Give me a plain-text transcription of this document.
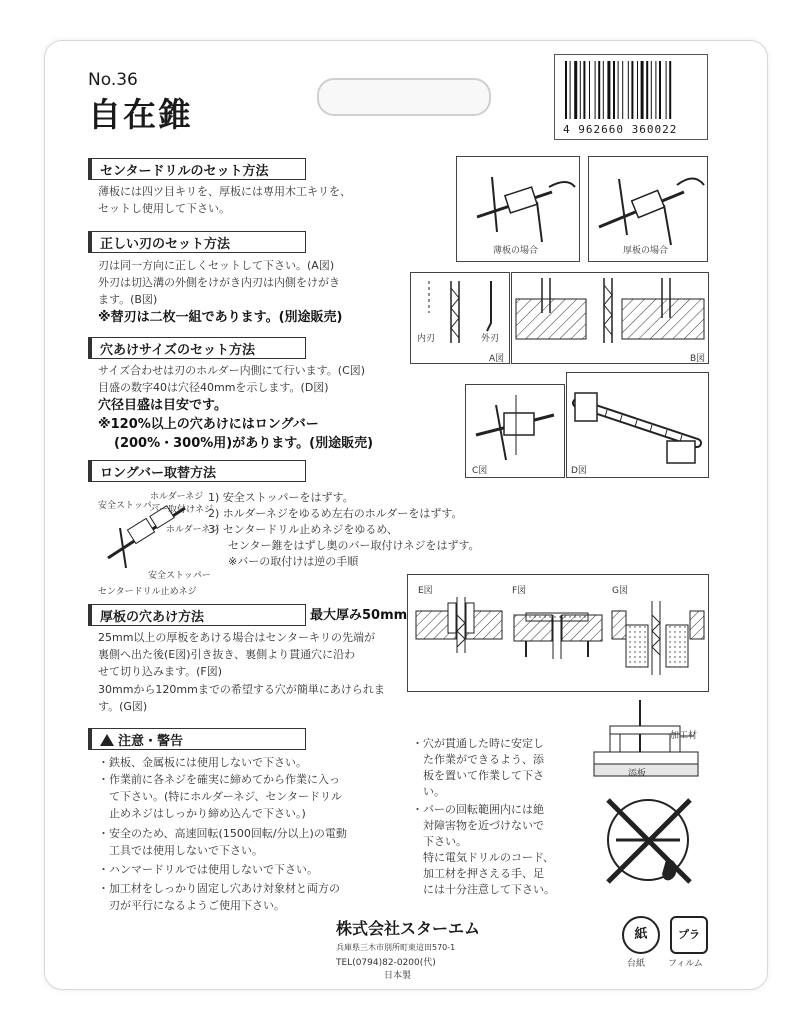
No.36
自在錐	4 962660 360022
センタードリルのセット方法
薄板には四ツ目キリを、厚板には専用木工キリを、
セットし使用して下さい。
薄板の場合	厚板の場合
正しい刃のセット方法
刃は同一方向に正しくセットして下さい。(A図)
外刃は切込溝の外側をけがき内刃は内側をけがき
ます。(B図)
※替刃は二枚一組であります。(別途販売)
内刃	外刃
A図	B図
穴あけサイズのセット方法
サイズ合わせは刃のホルダー内側にて行います。(C図)
目盛の数字40は穴径40mmを示します。(D図)
穴径目盛は目安です。
※120%以上の穴あけにはロングバー
(200%・300%用)があります。(別途販売)
C図	D図
ロングバー取替方法
安全ストッパー
ホルダーネジ
バー取付けネジ
ホルダーネジ
安全ストッパー
センタードリル止めネジ
1) 安全ストッパーをはずす。
2) ホルダーネジをゆるめ左右のホルダーをはずす。
3) センタードリル止めネジをゆるめ、
センター錐をはずし奥のバー取付けネジをはずす。
※バーの取付けは逆の手順
厚板の穴あけ方法	最大厚み50mm
25mm以上の厚板をあける場合はセンターキリの先端が
裏側へ出た後(E図)引き抜き、裏側より貫通穴に沿わ
せて切り込みます。(F図)
30mmから120mmまでの希望する穴が簡単にあけられま
す。(G図)
E図	F図	G図
注意・警告
・鉄板、金属板には使用しないで下さい。
・作業前に各ネジを確実に締めてから作業に入っ
　て下さい。(特にホルダーネジ、センタードリル
　止めネジはしっかり締め込んで下さい。)
・安全のため、高速回転(1500回転/分以上)の電動
　工具では使用しないで下さい。
・ハンマードリルでは使用しないで下さい。
・加工材をしっかり固定し穴あけ対象材と両方の
　刃が平行になるようご使用下さい。
・穴が貫通した時に安定し
　た作業ができるよう、添
　板を置いて作業して下さ
　い。
・バーの回転範囲内には絶
　対障害物を近づけないで
　下さい。
　特に電気ドリルのコード、
　加工材を押さえる手、足
　には十分注意して下さい。
加工材
添板
株式会社スターエム
兵庫県三木市別所町東這田570-1
TEL(0794)82-0200(代)
日本製
紙
台紙
プラ
フィルム
